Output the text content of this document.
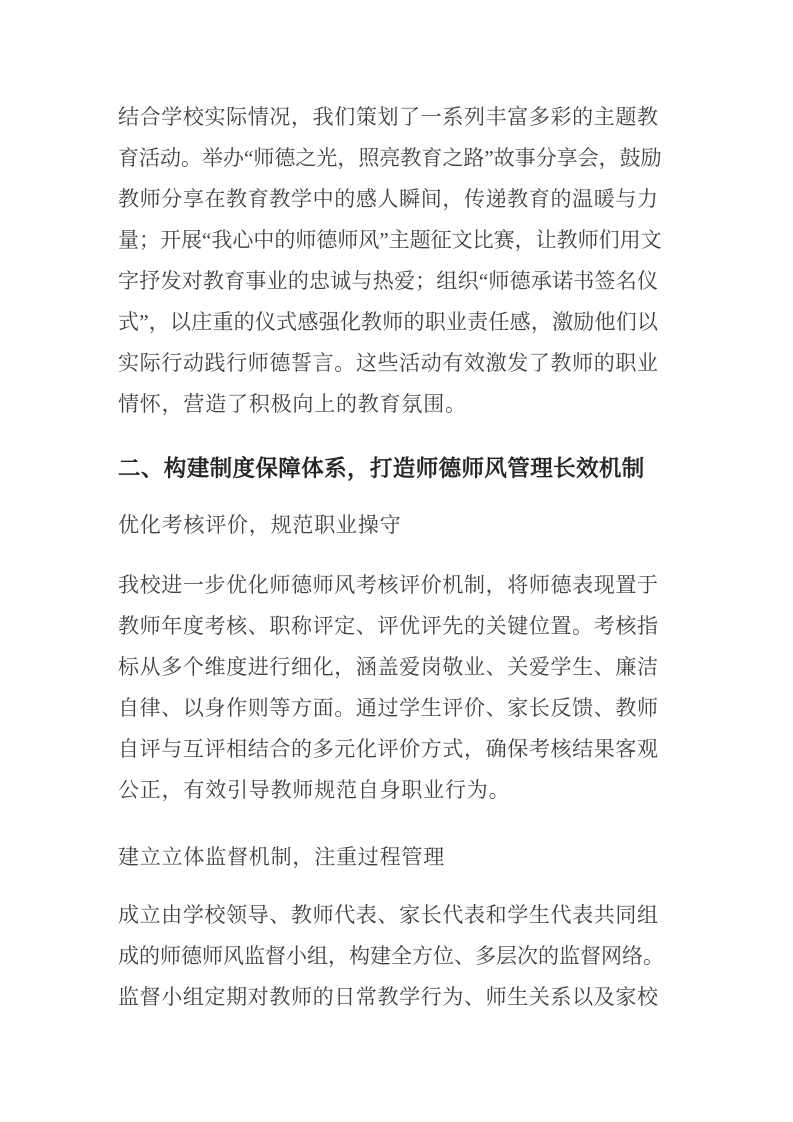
结合学校实际情况，我们策划了一系列丰富多彩的主题教
育活动。举办“师德之光，照亮教育之路”故事分享会，鼓励
教师分享在教育教学中的感人瞬间，传递教育的温暖与力
量；开展“我心中的师德师风”主题征文比赛，让教师们用文
字抒发对教育事业的忠诚与热爱；组织“师德承诺书签名仪
式”，以庄重的仪式感强化教师的职业责任感，激励他们以
实际行动践行师德誓言。这些活动有效激发了教师的职业
情怀，营造了积极向上的教育氛围。
二、构建制度保障体系，打造师德师风管理长效机制
优化考核评价，规范职业操守
我校进一步优化师德师风考核评价机制，将师德表现置于
教师年度考核、职称评定、评优评先的关键位置。考核指
标从多个维度进行细化，涵盖爱岗敬业、关爱学生、廉洁
自律、以身作则等方面。通过学生评价、家长反馈、教师
自评与互评相结合的多元化评价方式，确保考核结果客观
公正，有效引导教师规范自身职业行为。
建立立体监督机制，注重过程管理
成立由学校领导、教师代表、家长代表和学生代表共同组
成的师德师风监督小组，构建全方位、多层次的监督网络。
监督小组定期对教师的日常教学行为、师生关系以及家校
